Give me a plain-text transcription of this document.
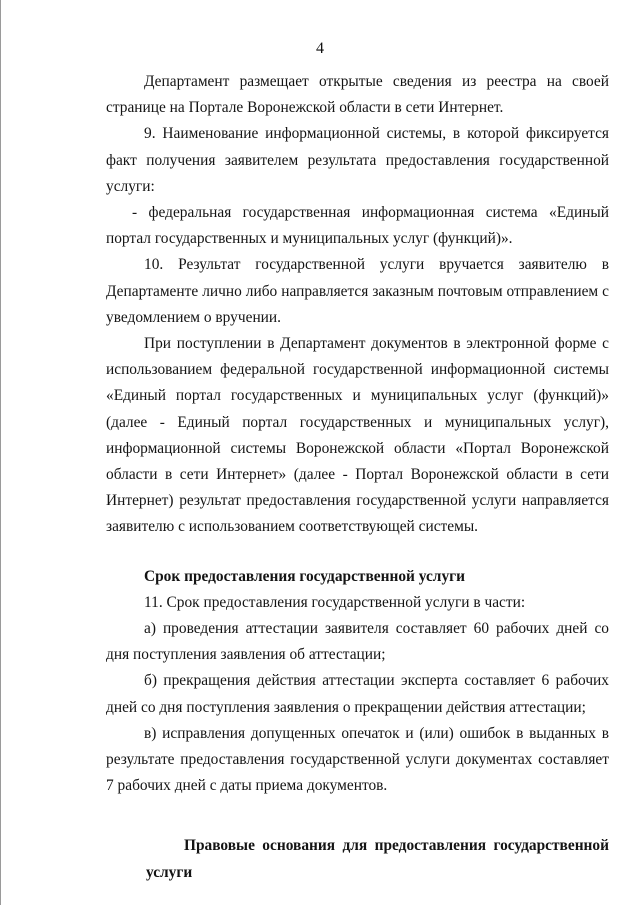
4

Департамент размещает открытые сведения из реестра на своей странице на Портале Воронежской области в сети Интернет.

9. Наименование информационной системы, в которой фиксируется факт получения заявителем результата предоставления государственной услуги:

- федеральная государственная информационная система «Единый портал государственных и муниципальных услуг (функций)».

10. Результат государственной услуги вручается заявителю в Департаменте лично либо направляется заказным почтовым отправлением с уведомлением о вручении.

При поступлении в Департамент документов в электронной форме с использованием федеральной государственной информационной системы «Единый портал государственных и муниципальных услуг (функций)» (далее - Единый портал государственных и муниципальных услуг), информационной системы Воронежской области «Портал Воронежской области в сети Интернет» (далее - Портал Воронежской области в сети Интернет) результат предоставления государственной услуги направляется заявителю с использованием соответствующей системы.

Срок предоставления государственной услуги

11. Срок предоставления государственной услуги в части:

а) проведения аттестации заявителя составляет 60 рабочих дней со дня поступления заявления об аттестации;

б) прекращения действия аттестации эксперта составляет 6 рабочих дней со дня поступления заявления о прекращении действия аттестации;

в) исправления допущенных опечаток и (или) ошибок в выданных в результате предоставления государственной услуги документах составляет 7 рабочих дней с даты приема документов.

Правовые основания для предоставления государственной услуги
